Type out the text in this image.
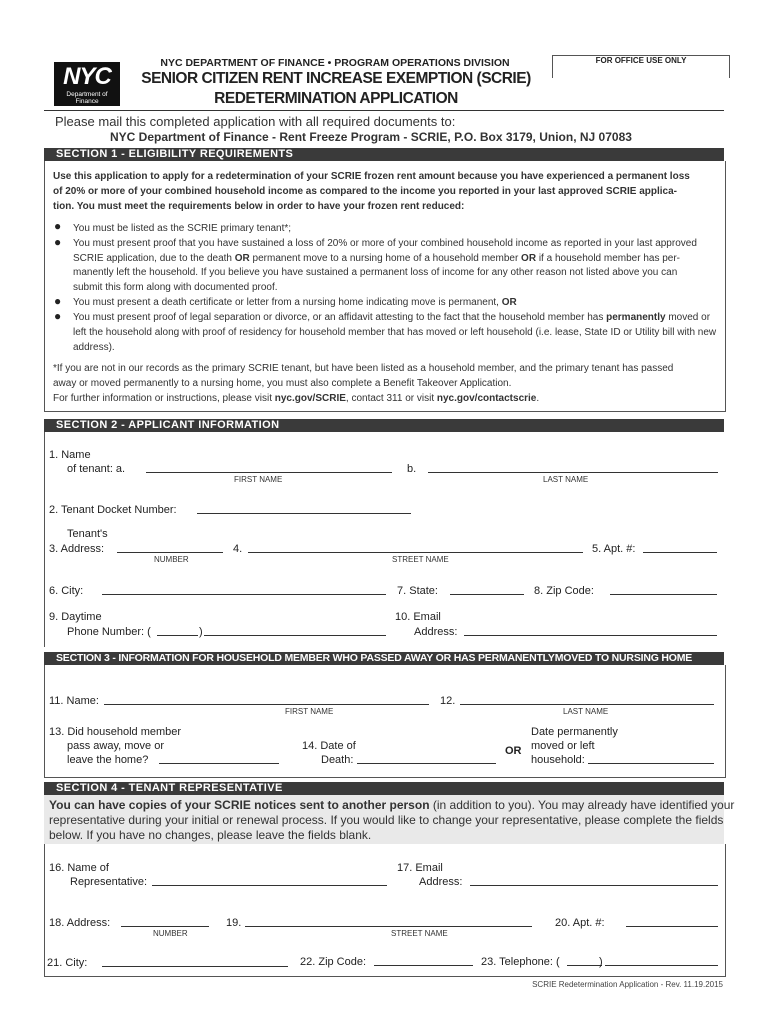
NYC
Department of Finance
FOR OFFICE USE ONLY
NYC DEPARTMENT OF FINANCE • PROGRAM OPERATIONS DIVISION
SENIOR CITIZEN RENT INCREASE EXEMPTION (SCRIE)
REDETERMINATION APPLICATION
Please mail this completed application with all required documents to:
NYC Department of Finance - Rent Freeze Program - SCRIE, P.O. Box 3179, Union, NJ 07083
SECTION 1 - ELIGIBILITY REQUIREMENTS
Use this application to apply for a redetermination of your SCRIE frozen rent amount because you have experienced a permanent loss
of 20% or more of your combined household income as compared to the income you reported in your last approved SCRIE applica-
tion. You must meet the requirements below in order to have your frozen rent reduced:
● You must be listed as the SCRIE primary tenant*;
● You must present proof that you have sustained a loss of 20% or more of your combined household income as reported in your last approved
SCRIE application, due to the death OR permanent move to a nursing home of a household member OR if a household member has per-
manently left the household. If you believe you have sustained a permanent loss of income for any other reason not listed above you can
submit this form along with documented proof.
● You must present a death certificate or letter from a nursing home indicating move is permanent, OR
● You must present proof of legal separation or divorce, or an affidavit attesting to the fact that the household member has permanently moved or
left the household along with proof of residency for household member that has moved or left household (i.e. lease, State ID or Utility bill with new
address).
*If you are not in our records as the primary SCRIE tenant, but have been listed as a household member, and the primary tenant has passed
away or moved permanently to a nursing home, you must also complete a Benefit Takeover Application.
For further information or instructions, please visit nyc.gov/SCRIE, contact 311 or visit nyc.gov/contactscrie.
SECTION 2 - APPLICANT INFORMATION
1. Name
of tenant: a.
FIRST NAME
b.
LAST NAME
2. Tenant Docket Number:
Tenant's
3. Address:
NUMBER
4.
STREET NAME
5. Apt. #:
6. City:	7. State:	8. Zip Code:
9. Daytime
Phone Number: (	)
10. Email
Address:
SECTION 3 - INFORMATION FOR HOUSEHOLD MEMBER WHO PASSED AWAY OR HAS PERMANENTLYMOVED TO NURSING HOME
11. Name:
FIRST NAME
12.
LAST NAME
13. Did household member
pass away, move or
leave the home?
14. Date of
Death:
OR
Date permanently
moved or left
household:
SECTION 4 - TENANT REPRESENTATIVE
You can have copies of your SCRIE notices sent to another person (in addition to you). You may already have identified your
representative during your initial or renewal process. If you would like to change your representative, please complete the fields
below. If you have no changes, please leave the fields blank.
16. Name of
Representative:
17. Email
Address:
18. Address:
NUMBER
19.
STREET NAME
20. Apt. #:
21. City:	22. Zip Code:	23. Telephone: (	)
SCRIE Redetermination Application - Rev. 11.19.2015
